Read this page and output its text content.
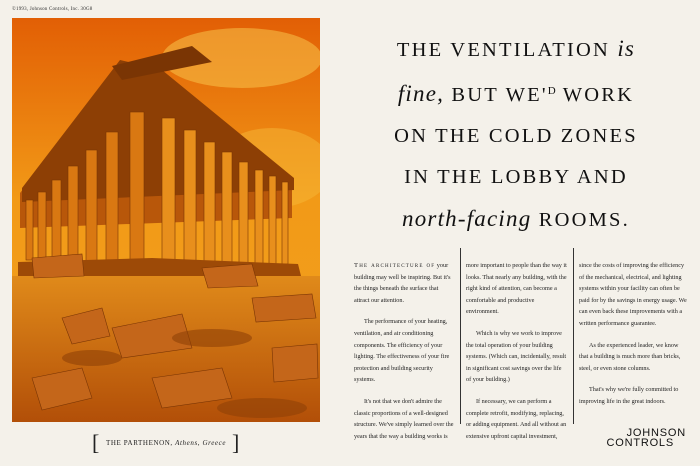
©1993, Johnson Controls, Inc. 30G8
[ THE PARTHENON, Athens, Greece ]
THE VENTILATION is
fine, BUT $WE'^D$ WORK
ON THE COLD ZONES
IN THE LOBBY AND
north-facing ROOMS.

The architecture of your building may well be inspiring. But it's the things beneath the surface that attract our attention.

The performance of your heating, ventilation, and air conditioning components. The efficiency of your lighting. The effectiveness of your fire protection and building security systems.

It's not that we don't admire the classic proportions of a well-designed structure. We've simply learned over the years that the way a building works is

more important to people than the way it looks. That nearly any building, with the right kind of attention, can become a comfortable and productive environment.

Which is why we work to improve the total operation of your building systems. (Which can, incidentally, result in significant cost savings over the life of your building.)

If necessary, we can perform a complete retrofit, modifying, replacing, or adding equipment. And all without an extensive upfront capital investment,

since the costs of improving the efficiency of the mechanical, electrical, and lighting systems within your facility can often be paid for by the savings in energy usage. We can even back these improvements with a written performance guarantee.

As the experienced leader, we know that a building is much more than bricks, steel, or even stone columns.

That's why we're fully committed to improving life in the great indoors.

JOHNSON
CONTROLS
